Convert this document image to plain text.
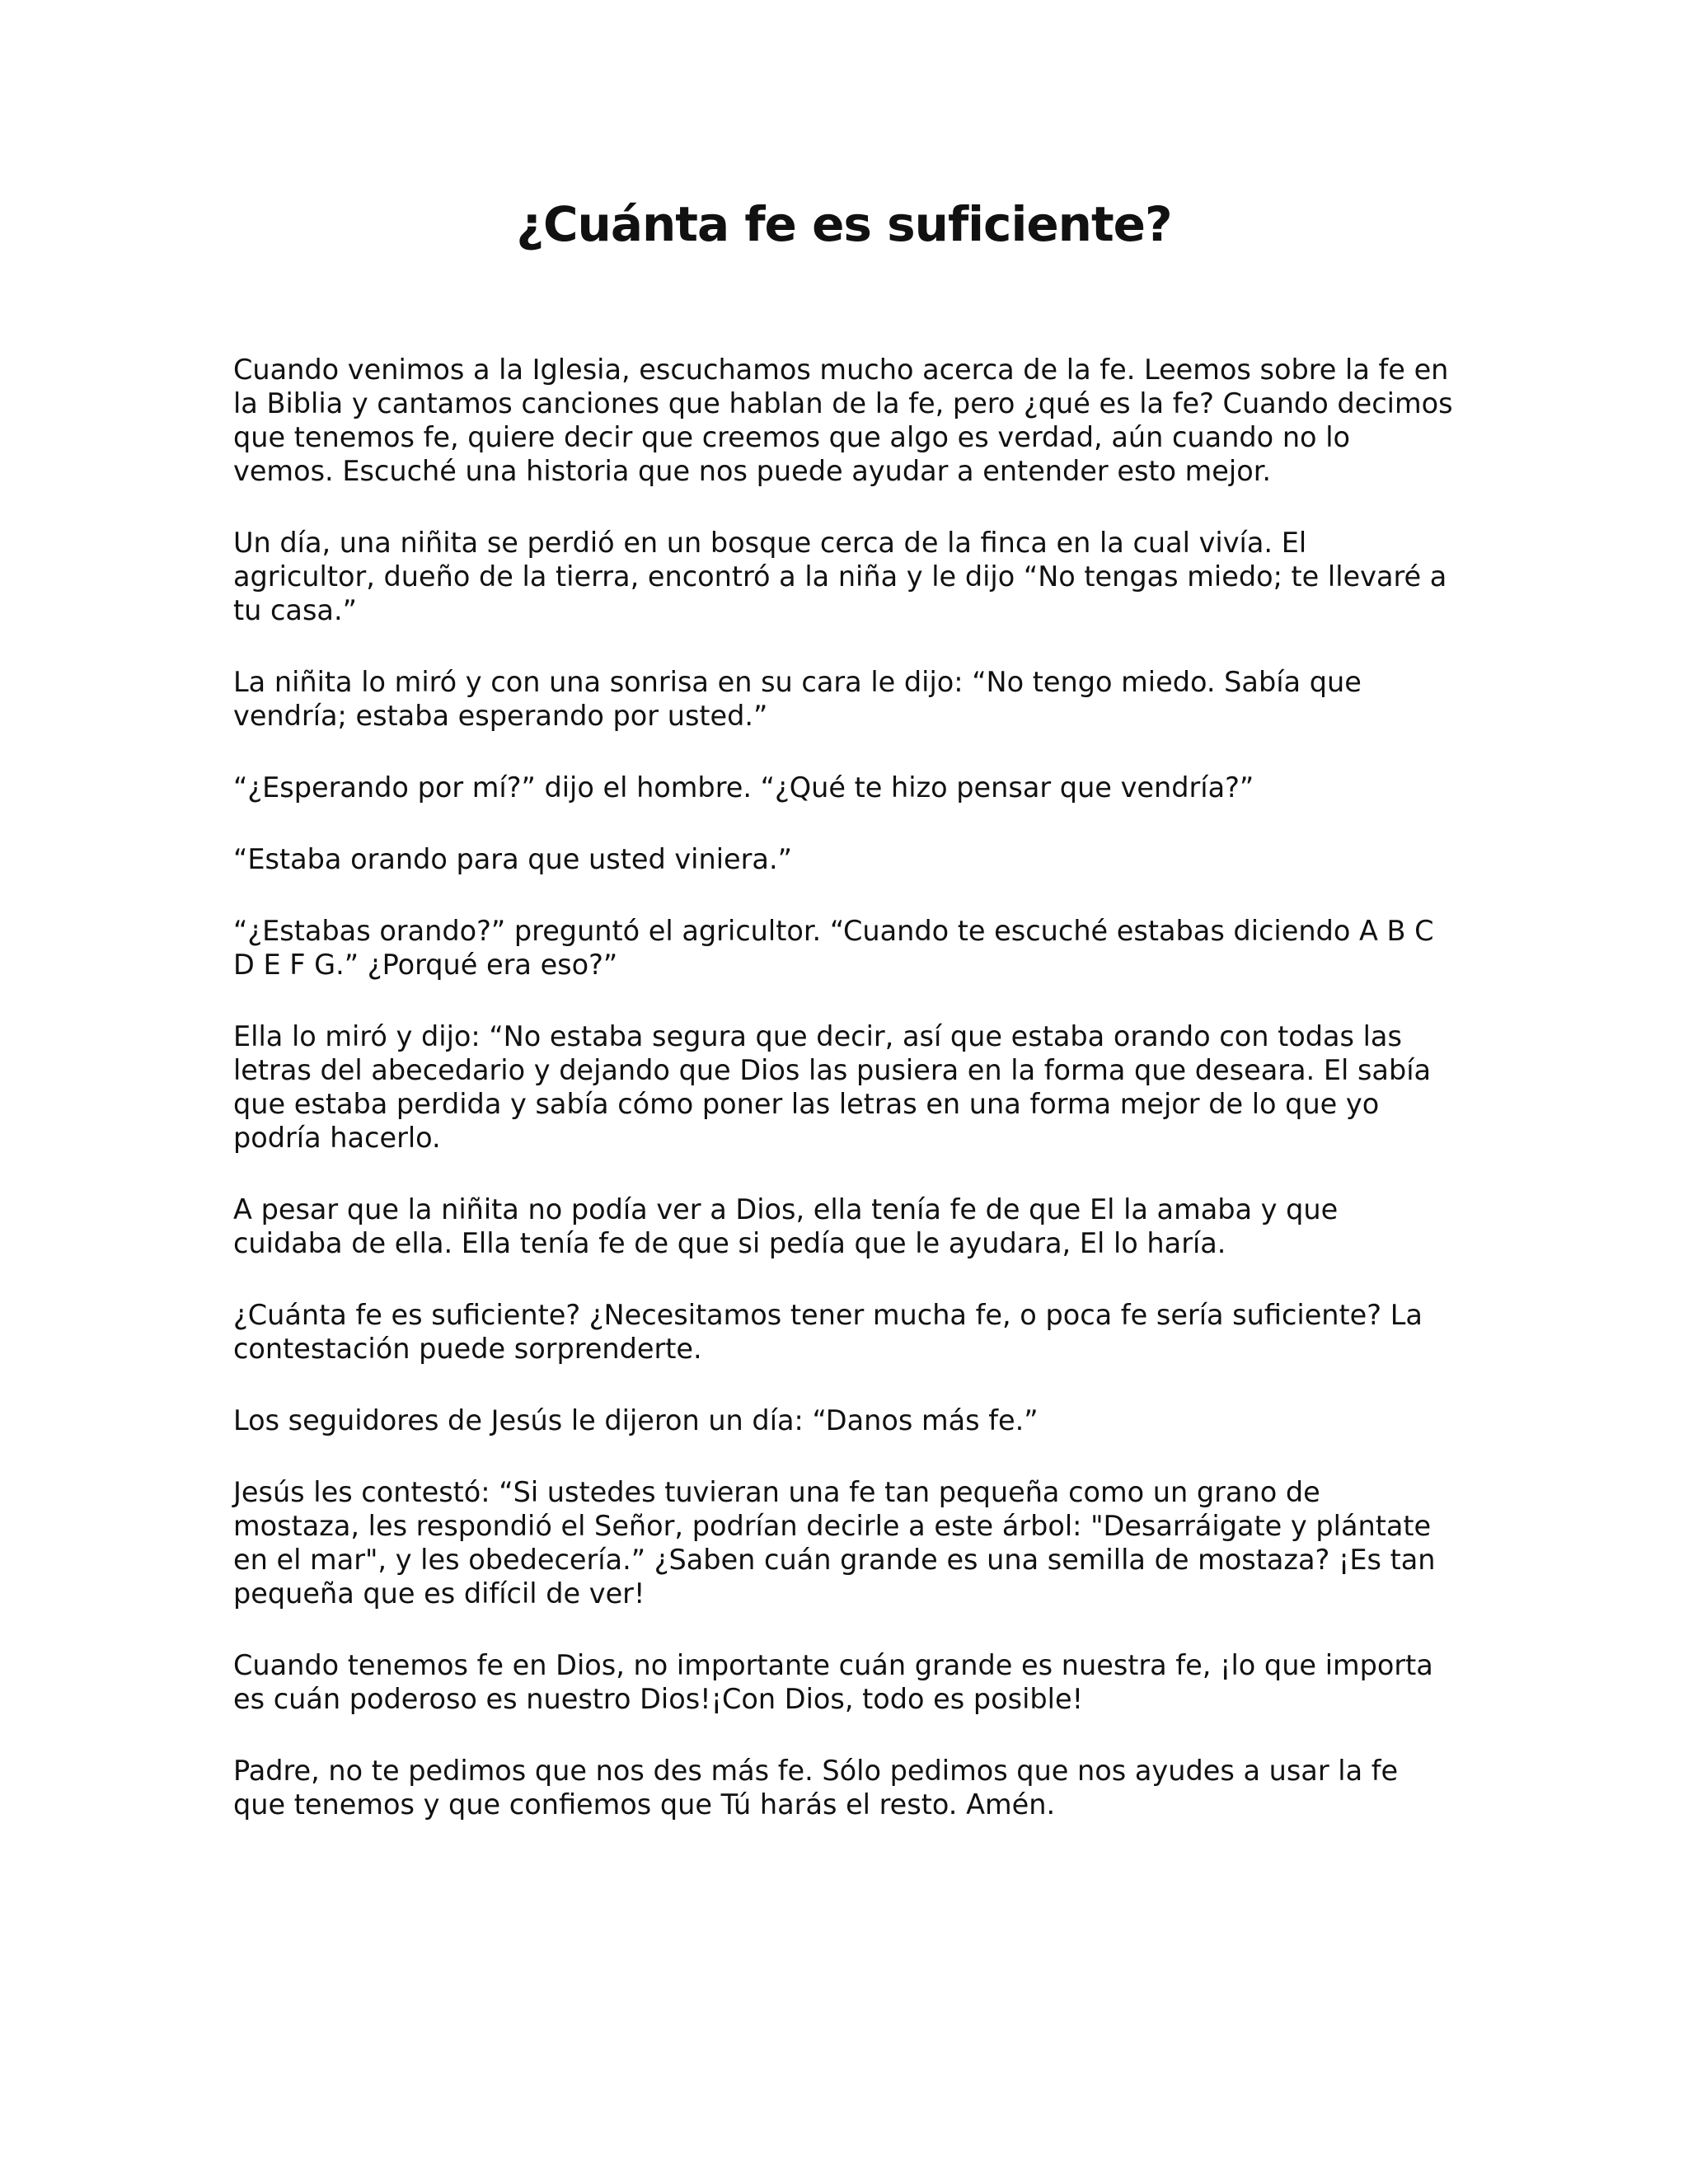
¿Cuánta fe es suficiente?

Cuando venimos a la Iglesia, escuchamos mucho acerca de la fe. Leemos sobre la fe en la Biblia y cantamos canciones que hablan de la fe, pero ¿qué es la fe? Cuando decimos que tenemos fe, quiere decir que creemos que algo es verdad, aún cuando no lo vemos. Escuché una historia que nos puede ayudar a entender esto mejor.

Un día, una niñita se perdió en un bosque cerca de la finca en la cual vivía. El agricultor, dueño de la tierra, encontró a la niña y le dijo “No tengas miedo; te llevaré a tu casa.”

La niñita lo miró y con una sonrisa en su cara le dijo: “No tengo miedo. Sabía que vendría; estaba esperando por usted.”

“¿Esperando por mí?” dijo el hombre. “¿Qué te hizo pensar que vendría?”

“Estaba orando para que usted viniera.”

“¿Estabas orando?” preguntó el agricultor. “Cuando te escuché estabas diciendo A B C D E F G.” ¿Porqué era eso?”

Ella lo miró y dijo: “No estaba segura que decir, así que estaba orando con todas las letras del abecedario y dejando que Dios las pusiera en la forma que deseara. El sabía que estaba perdida y sabía cómo poner las letras en una forma mejor de lo que yo podría hacerlo.

A pesar que la niñita no podía ver a Dios, ella tenía fe de que El la amaba y que cuidaba de ella. Ella tenía fe de que si pedía que le ayudara, El lo haría.

¿Cuánta fe es suficiente? ¿Necesitamos tener mucha fe, o poca fe sería suficiente? La contestación puede sorprenderte.

Los seguidores de Jesús le dijeron un día: “Danos más fe.”

Jesús les contestó: “Si ustedes tuvieran una fe tan pequeña como un grano de mostaza, les respondió el Señor, podrían decirle a este árbol: "Desarráigate y plántate en el mar", y les obedecería.” ¿Saben cuán grande es una semilla de mostaza? ¡Es tan pequeña que es difícil de ver!

Cuando tenemos fe en Dios, no importante cuán grande es nuestra fe, ¡lo que importa es cuán poderoso es nuestro Dios!¡Con Dios, todo es posible!

Padre, no te pedimos que nos des más fe. Sólo pedimos que nos ayudes a usar la fe que tenemos y que confiemos que Tú harás el resto. Amén.
